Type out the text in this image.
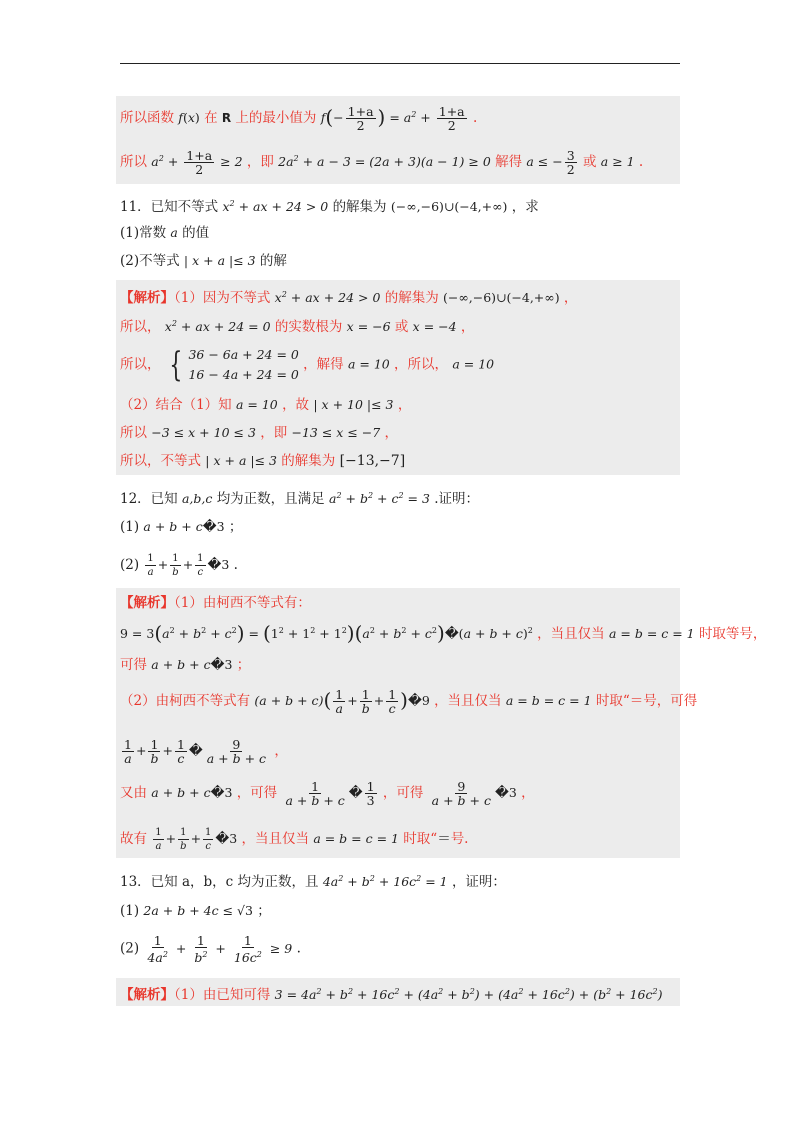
所以函数 f(x) 在 R 上的最小值为 $f(- \frac{1+a}{2}$ ) = $a^2 + \frac{1+a}{2}$ .
所以 $a^2 + \frac{1+a}{2} \ge 2$ ，即 $2a^2 + a - 3 = (2a + 3)(a - 1) \ge 0$ 解得 a ≤ − $\frac{3}{2}$ 或 a ≥ 1 .
11．已知不等式 $x^2$ + ax + 24 > 0 的解集为 (−∞,−6)∪(−4,+∞) ，求
(1)常数 a 的值
(2)不等式 | x + a |≤ 3 的解
【解析】（1）因为不等式 $x^2$ + ax + 24 > 0 的解集为 (−∞,−6)∪(−4,+∞) ，
所以， $x^2$ + ax + 24 = 0 的实数根为 x = −6 或 x = −4 ，
所以， { 36 − 6a + 24 = 0
16 − 4a + 24 = 0
，解得 a = 10 ，所以， a = 10
（2）结合（1）知 a = 10 ，故 | x + 10 |≤ 3 ，
所以 −3 ≤ x + 10 ≤ 3 ，即 −13 ≤ x ≤ −7 ，
所以，不等式 | x + a |≤ 3 的解集为 [−13,−7]
12．已知 a,b,c 均为正数，且满足 $a^2 + b^2 + c^2 = 3$ .证明：
(1) a + b + c�3 ；
$(2) \frac{1}{a} + \frac{1}{b} + \frac{1}{c}$ �3 .
【解析】（1）由柯西不等式有：
$9 = 3(a^2 + b^2 + c^2) = (1^2 + 1^2 + 1^2)(a^2 + b^2$ + $c^2)�(a + b + c)^2$ ，当且仅当 a = b = c = 1 时取等号，
可得 a + b + c�3 ；
（2）由柯西不等式有 $(a + b + c)( \frac{1}{a} + \frac{1}{b} + \frac{1}{c}$ )�9 ，当且仅当 a = b = c = 1 时取“＝号，可得
$\frac{1}{a} + \frac{1}{b} + \frac{1}{c}$ � $\frac{9}{a + b + c}$ ，
又由 a + b + c�3 ，可得 $\frac{1}{a + b + c}$ � $\frac{1}{3}$ ，可得 $\frac{9}{a + b + c}$ �3 ，
故有 $\frac{1}{a} + \frac{1}{b} + \frac{1}{c}$ �3 ，当且仅当 a = b = c = 1 时取“＝号.
13．已知 a，b，c 均为正数，且 $4a^2 + b^2 + 16c^2 = 1$ ，证明：
(1) 2a + b + 4c ≤ √3 ；
$(2) \frac{1}{4a^2} + \frac{1}{b^2} + \frac{1}{16c^2} \ge 9$ .
【解析】（1）由已知可得 $3 = 4a^2 + b^2 + 16c^2 + (4a^2 + b^2) + (4a^2 + 16c^2) + (b^2 + 16c^2)$
